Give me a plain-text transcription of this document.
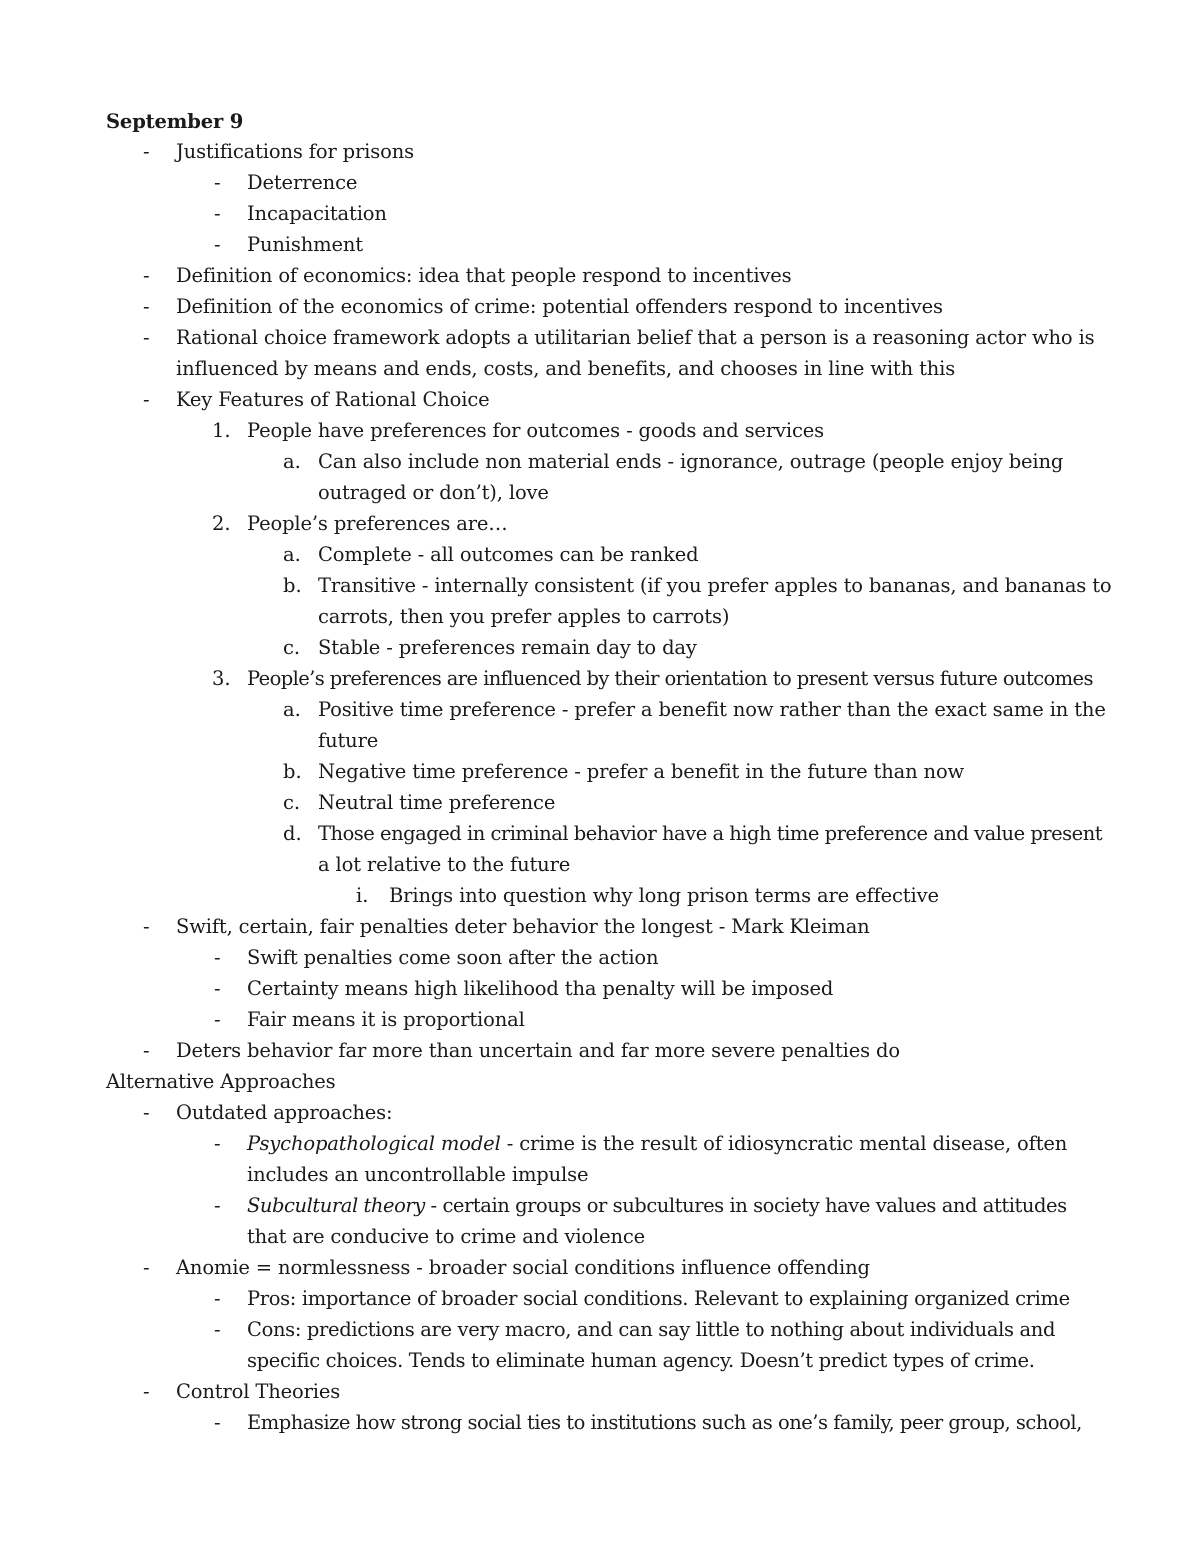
September 9
- Justifications for prisons
- Deterrence
- Incapacitation
- Punishment
- Definition of economics: idea that people respond to incentives
- Definition of the economics of crime: potential offenders respond to incentives
- Rational choice framework adopts a utilitarian belief that a person is a reasoning actor who is
influenced by means and ends, costs, and benefits, and chooses in line with this
- Key Features of Rational Choice
1. People have preferences for outcomes - goods and services
a. Can also include non material ends - ignorance, outrage (people enjoy being
outraged or don’t), love
2. People’s preferences are…
a. Complete - all outcomes can be ranked
b. Transitive - internally consistent (if you prefer apples to bananas, and bananas to
carrots, then you prefer apples to carrots)
c. Stable - preferences remain day to day
3. People’s preferences are influenced by their orientation to present versus future outcomes
a. Positive time preference - prefer a benefit now rather than the exact same in the
future
b. Negative time preference - prefer a benefit in the future than now
c. Neutral time preference
d. Those engaged in criminal behavior have a high time preference and value present
a lot relative to the future
i. Brings into question why long prison terms are effective
- Swift, certain, fair penalties deter behavior the longest - Mark Kleiman
- Swift penalties come soon after the action
- Certainty means high likelihood tha penalty will be imposed
- Fair means it is proportional
- Deters behavior far more than uncertain and far more severe penalties do
Alternative Approaches
- Outdated approaches:
- Psychopathological model - crime is the result of idiosyncratic mental disease, often
includes an uncontrollable impulse
- Subcultural theory - certain groups or subcultures in society have values and attitudes
that are conducive to crime and violence
- Anomie = normlessness - broader social conditions influence offending
- Pros: importance of broader social conditions. Relevant to explaining organized crime
- Cons: predictions are very macro, and can say little to nothing about individuals and
specific choices. Tends to eliminate human agency. Doesn’t predict types of crime.
- Control Theories
- Emphasize how strong social ties to institutions such as one’s family, peer group, school,
